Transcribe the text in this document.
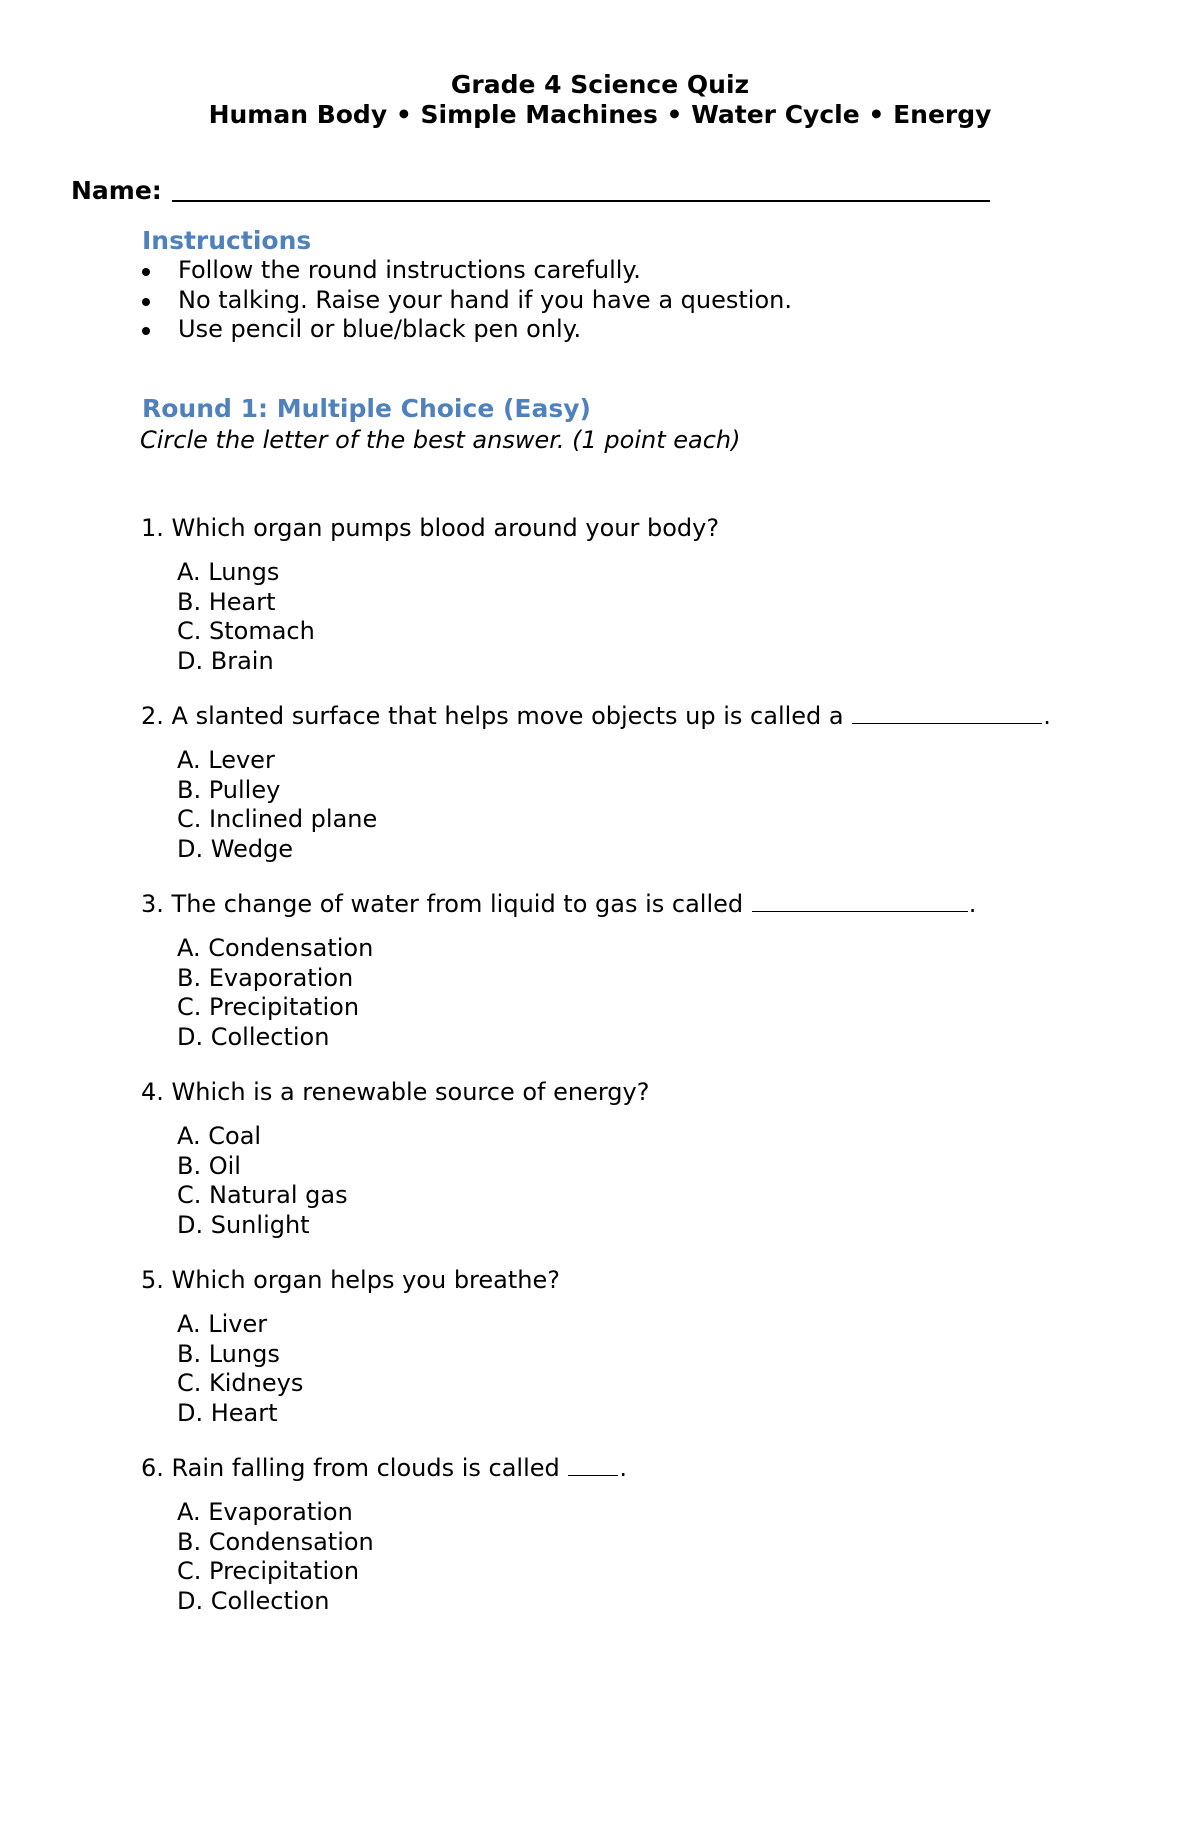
Grade 4 Science Quiz
Human Body • Simple Machines • Water Cycle • Energy
Name:
Instructions
Follow the round instructions carefully.
No talking. Raise your hand if you have a question.
Use pencil or blue/black pen only.
Round 1: Multiple Choice (Easy)
Circle the letter of the best answer. (1 point each)
1. Which organ pumps blood around your body?
A. Lungs
B. Heart
C. Stomach
D. Brain
2. A slanted surface that helps move objects up is called a	.
A. Lever
B. Pulley
C. Inclined plane
D. Wedge
3. The change of water from liquid to gas is called	.
A. Condensation
B. Evaporation
C. Precipitation
D. Collection
4. Which is a renewable source of energy?
A. Coal
B. Oil
C. Natural gas
D. Sunlight
5. Which organ helps you breathe?
A. Liver
B. Lungs
C. Kidneys
D. Heart
6. Rain falling from clouds is called .
A. Evaporation
B. Condensation
C. Precipitation
D. Collection
